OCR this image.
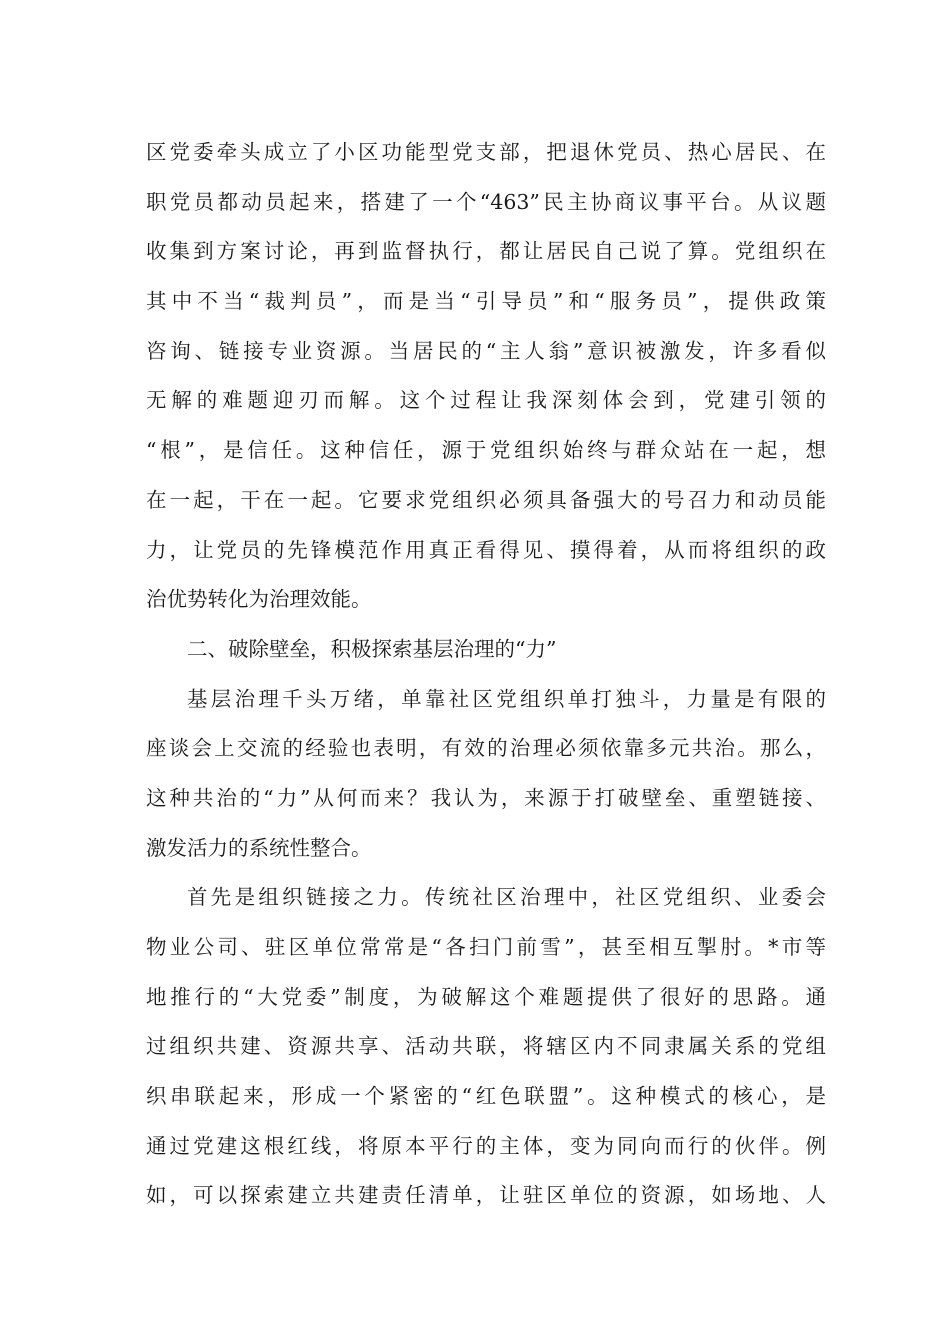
区党委牵头成立了小区功能型党支部，把退休党员、热心居民、在
职党员都动员起来，搭建了一个“463”民主协商议事平台。从议题
收集到方案讨论，再到监督执行，都让居民自己说了算。党组织在
其中不当“裁判员”，而是当“引导员”和“服务员”，提供政策
咨询、链接专业资源。当居民的“主人翁”意识被激发，许多看似
无解的难题迎刃而解。这个过程让我深刻体会到，党建引领的
“根”，是信任。这种信任，源于党组织始终与群众站在一起，想
在一起，干在一起。它要求党组织必须具备强大的号召力和动员能
力，让党员的先锋模范作用真正看得见、摸得着，从而将组织的政
治优势转化为治理效能。
二、破除壁垒，积极探索基层治理的“力”
基层治理千头万绪，单靠社区党组织单打独斗，力量是有限的
座谈会上交流的经验也表明，有效的治理必须依靠多元共治。那么，
这种共治的“力”从何而来？我认为，来源于打破壁垒、重塑链接、
激发活力的系统性整合。
首先是组织链接之力。传统社区治理中，社区党组织、业委会
物业公司、驻区单位常常是“各扫门前雪”，甚至相互掣肘。*市等
地推行的“大党委”制度，为破解这个难题提供了很好的思路。通
过组织共建、资源共享、活动共联，将辖区内不同隶属关系的党组
织串联起来，形成一个紧密的“红色联盟”。这种模式的核心，是
通过党建这根红线，将原本平行的主体，变为同向而行的伙伴。例
如，可以探索建立共建责任清单，让驻区单位的资源，如场地、人
